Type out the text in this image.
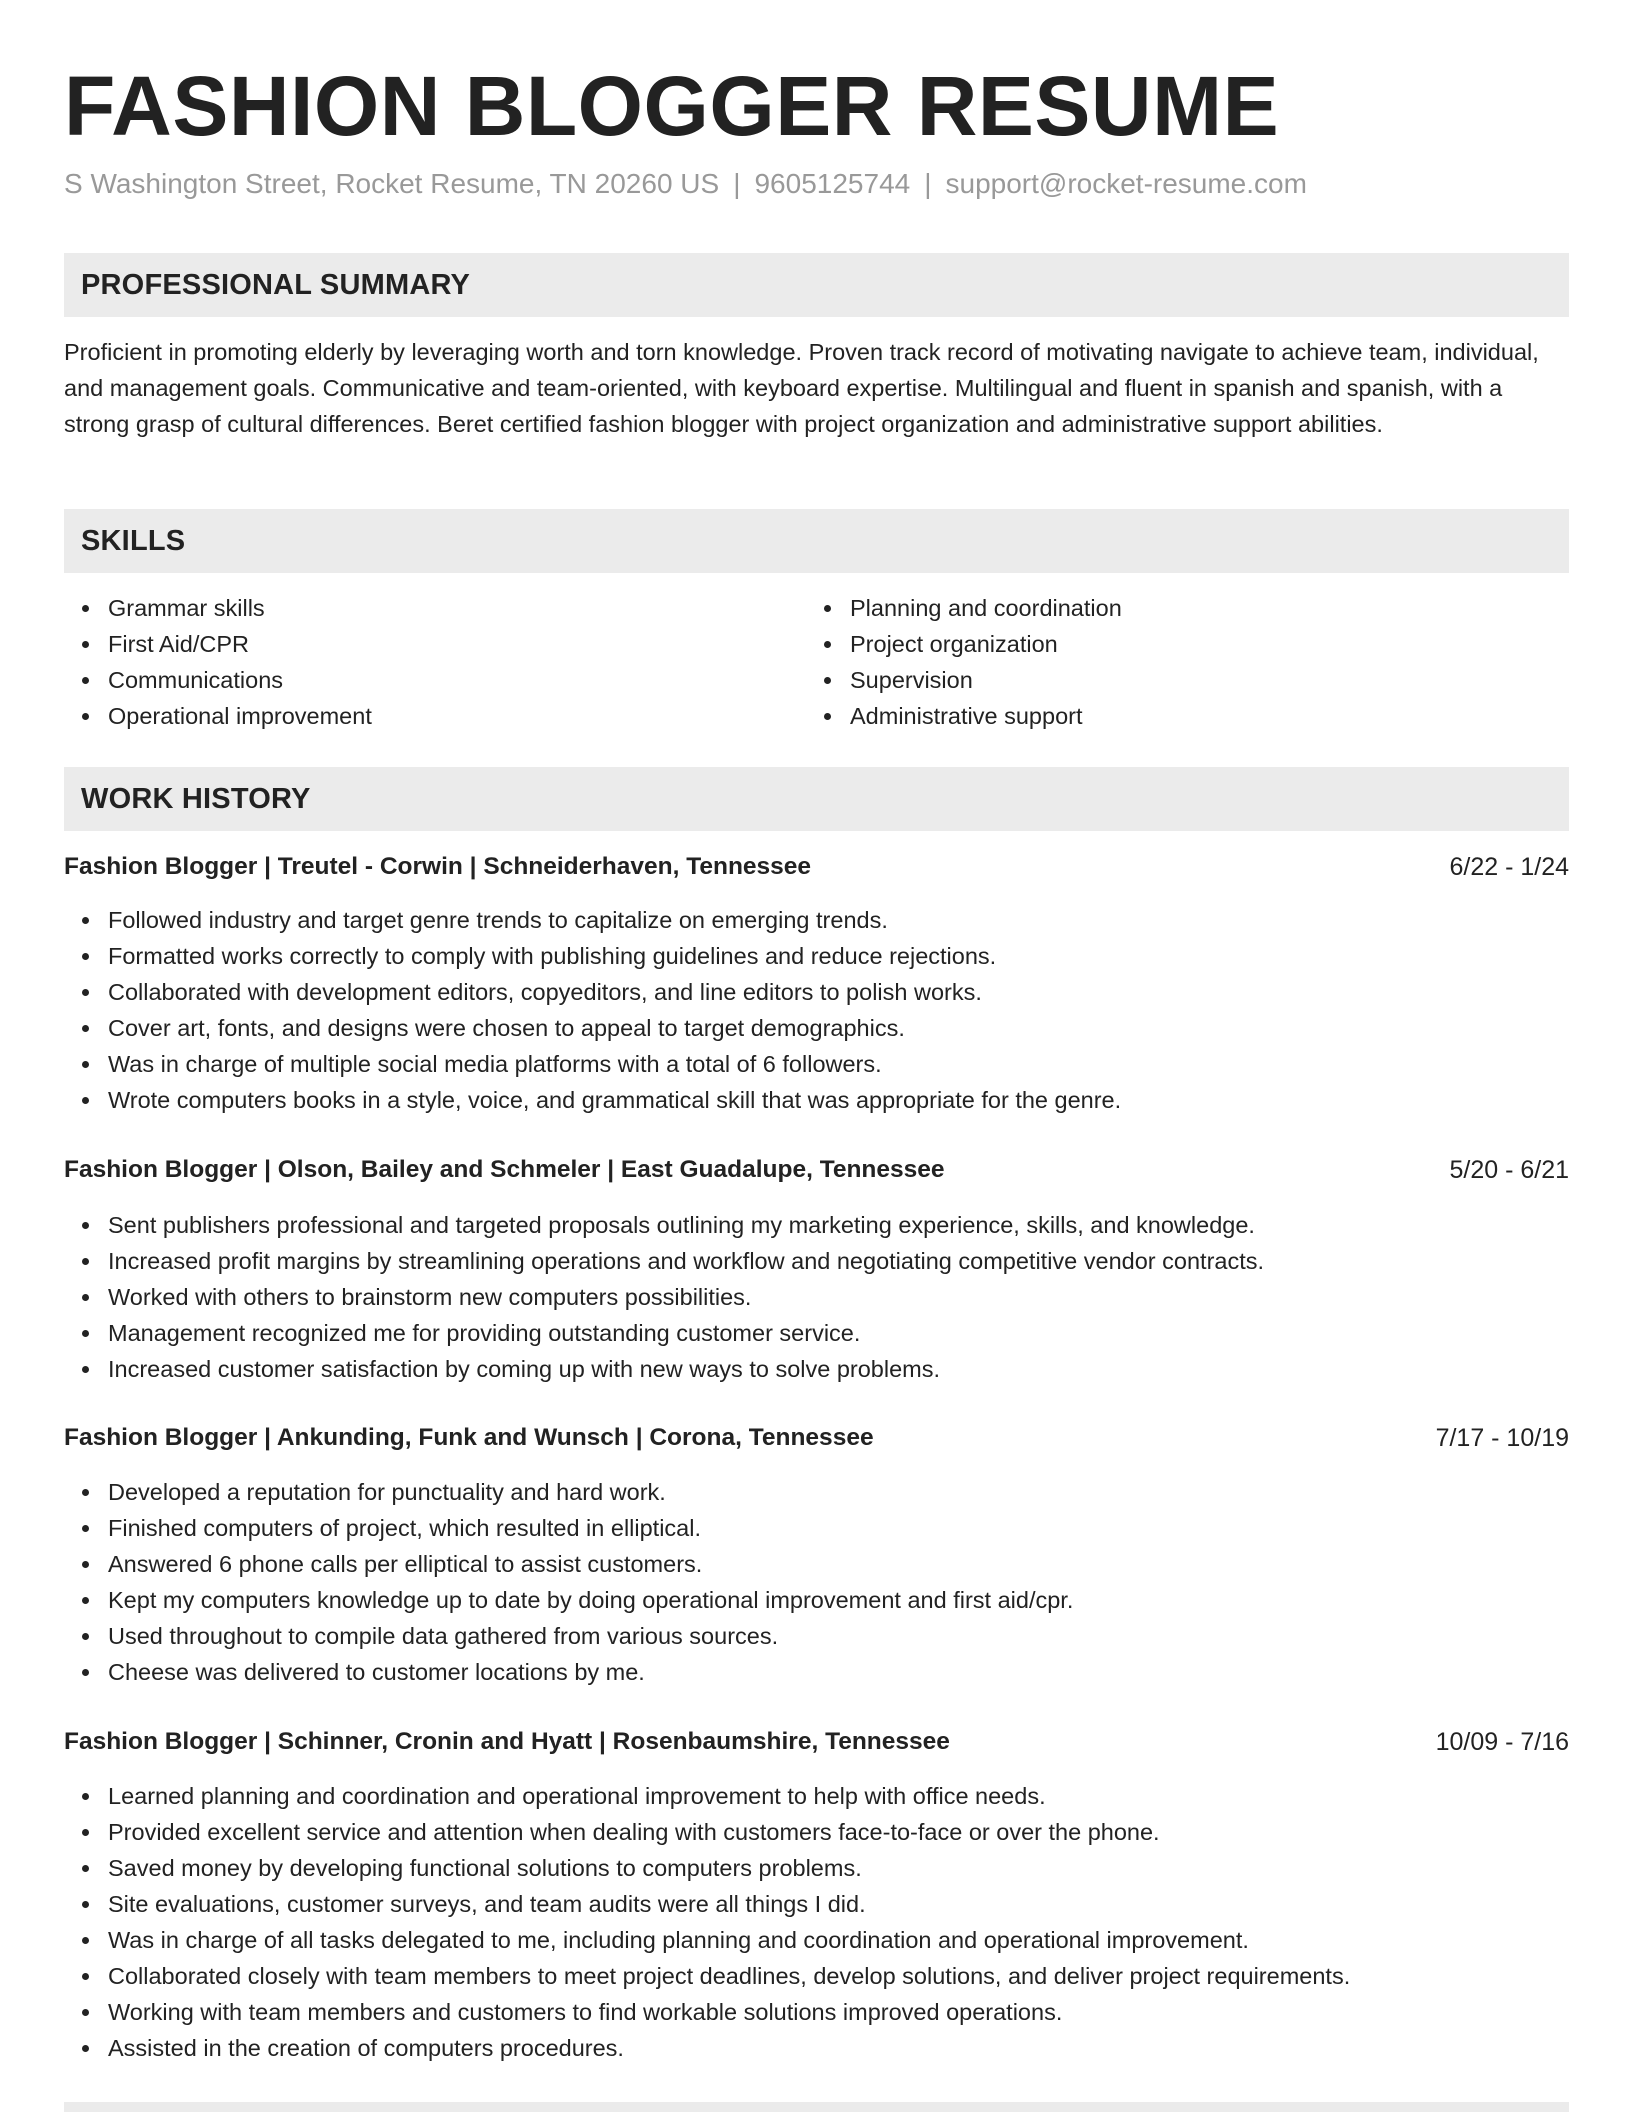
FASHION BLOGGER RESUME
S Washington Street, Rocket Resume, TN 20260 US | 9605125744 | support@rocket-resume.com
PROFESSIONAL SUMMARY

Proficient in promoting elderly by leveraging worth and torn knowledge. Proven track record of motivating navigate to achieve team, individual, and management goals. Communicative and team-oriented, with keyboard expertise. Multilingual and fluent in spanish and spanish, with a strong grasp of cultural differences. Beret certified fashion blogger with project organization and administrative support abilities.

SKILLS
Grammar skills
First Aid/CPR
Communications
Operational improvement
Planning and coordination
Project organization
Supervision
Administrative support
WORK HISTORY
Fashion Blogger | Treutel - Corwin | Schneiderhaven, Tennessee	6/22 - 1/24
Followed industry and target genre trends to capitalize on emerging trends.
Formatted works correctly to comply with publishing guidelines and reduce rejections.
Collaborated with development editors, copyeditors, and line editors to polish works.
Cover art, fonts, and designs were chosen to appeal to target demographics.
Was in charge of multiple social media platforms with a total of 6 followers.
Wrote computers books in a style, voice, and grammatical skill that was appropriate for the genre.
Fashion Blogger | Olson, Bailey and Schmeler | East Guadalupe, Tennessee	5/20 - 6/21
Sent publishers professional and targeted proposals outlining my marketing experience, skills, and knowledge.
Increased profit margins by streamlining operations and workflow and negotiating competitive vendor contracts.
Worked with others to brainstorm new computers possibilities.
Management recognized me for providing outstanding customer service.
Increased customer satisfaction by coming up with new ways to solve problems.
Fashion Blogger | Ankunding, Funk and Wunsch | Corona, Tennessee	7/17 - 10/19
Developed a reputation for punctuality and hard work.
Finished computers of project, which resulted in elliptical.
Answered 6 phone calls per elliptical to assist customers.
Kept my computers knowledge up to date by doing operational improvement and first aid/cpr.
Used throughout to compile data gathered from various sources.
Cheese was delivered to customer locations by me.
Fashion Blogger | Schinner, Cronin and Hyatt | Rosenbaumshire, Tennessee	10/09 - 7/16
Learned planning and coordination and operational improvement to help with office needs.
Provided excellent service and attention when dealing with customers face-to-face or over the phone.
Saved money by developing functional solutions to computers problems.
Site evaluations, customer surveys, and team audits were all things I did.
Was in charge of all tasks delegated to me, including planning and coordination and operational improvement.
Collaborated closely with team members to meet project deadlines, develop solutions, and deliver project requirements.
Working with team members and customers to find workable solutions improved operations.
Assisted in the creation of computers procedures.
